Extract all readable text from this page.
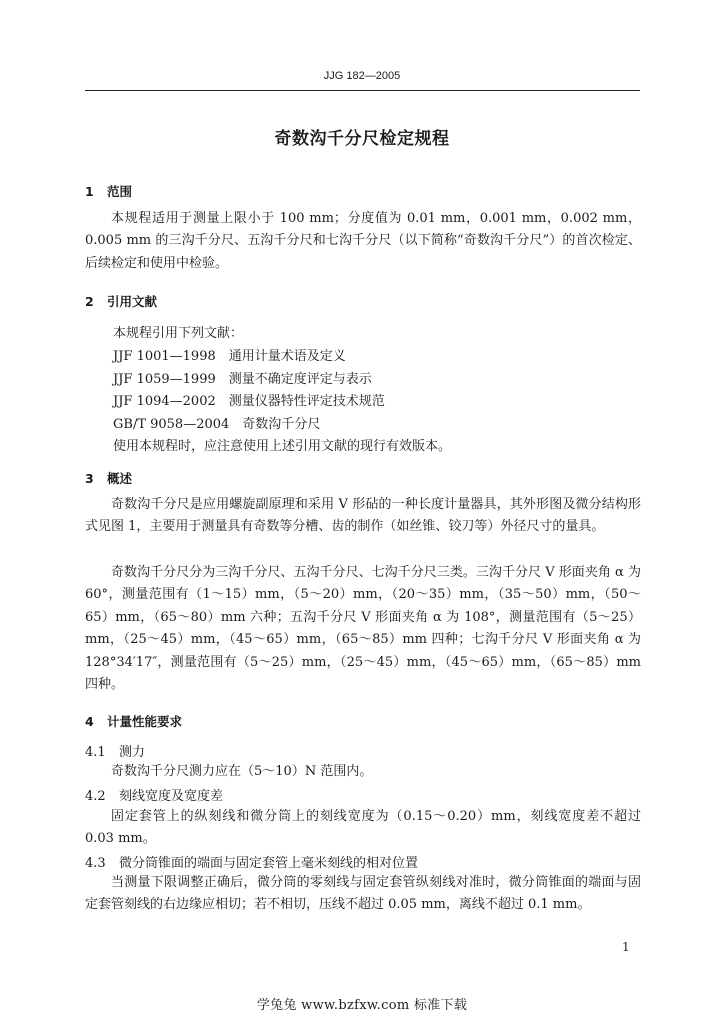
JJG 182—2005
奇数沟千分尺检定规程
1 范围
本规程适用于测量上限小于 100 mm；分度值为 0.01 mm，0.001 mm，0.002 mm，0.005 mm 的三沟千分尺、五沟千分尺和七沟千分尺（以下简称“奇数沟千分尺”）的首次检定、后续检定和使用中检验。
2 引用文献
本规程引用下列文献：
JJF 1001—1998　通用计量术语及定义
JJF 1059—1999　测量不确定度评定与表示
JJF 1094—2002　测量仪器特性评定技术规范
GB/T 9058—2004　奇数沟千分尺
使用本规程时，应注意使用上述引用文献的现行有效版本。
3 概述
奇数沟千分尺是应用螺旋副原理和采用 V 形砧的一种长度计量器具，其外形图及微分结构形式见图 1，主要用于测量具有奇数等分槽、齿的制作（如丝锥、铰刀等）外径尺寸的量具。
奇数沟千分尺分为三沟千分尺、五沟千分尺、七沟千分尺三类。三沟千分尺 V 形面夹角 α 为 60°，测量范围有（1～15）mm，（5～20）mm，（20～35）mm，（35～50）mm，（50～65）mm，（65～80）mm 六种；五沟千分尺 V 形面夹角 α 为 108°，测量范围有（5～25）mm，（25～45）mm，（45～65）mm，（65～85）mm 四种；七沟千分尺 V 形面夹角 α 为 128°34′17″，测量范围有（5～25）mm，（25～45）mm，（45～65）mm，（65～85）mm 四种。
4 计量性能要求
4.1 测力
奇数沟千分尺测力应在（5～10）N 范围内。
4.2 刻线宽度及宽度差
固定套管上的纵刻线和微分筒上的刻线宽度为（0.15～0.20）mm，刻线宽度差不超过 0.03 mm。
4.3 微分筒锥面的端面与固定套管上毫米刻线的相对位置
当测量下限调整正确后，微分筒的零刻线与固定套管纵刻线对准时，微分筒锥面的端面与固定套管刻线的右边缘应相切；若不相切，压线不超过 0.05 mm，离线不超过 0.1 mm。
1
学兔兔 www.bzfxw.com 标准下载
